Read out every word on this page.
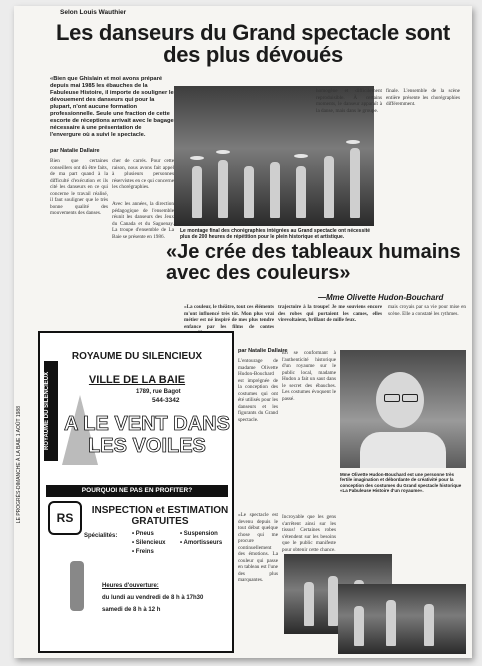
Selon Louis Wauthier
Les danseurs du Grand spectacle sont des plus dévoués
«Bien que Ghislain et moi avons préparé depuis mai 1985 les ébauches de la Fabuleuse Histoire, il importe de souligner le dévouement des danseurs qui pour la plupart, n'ont aucune formation professionnelle. Seule une fraction de cette escorte de réceptions arrivait avec le bagage nécessaire à une présentation de l'envergure où a suivi le spectacle.
par Natalie Dallaire
Bien que certaines conseillers ont dû être faits, de ma part quand à la difficulté d'exécution et ils cité les danseurs en ce qui concerne le travail réalisé, il faut souligner que le très bonne qualité des mouvements des danses.
cher de carrés. Pour cette raison, nous avons fait appel à plusieurs personnes réservistes en ce qui concerne les chorégraphies.
Avec les années, la direction pédagogique de l'ensemble réunit les danseurs des Jeux du Canada et du Saguenay. La troupe d'ensemble de La Baie se présente en 1986.
Le montage final des chorégraphies intégrées au Grand spectacle ont nécessité plus de 200 heures de répétition pour le plein historique et artistique.
homogène et difficilement reproduisible. À certains moments, le danseur apparaît à la danse, mais dans le groupe.
finale. L'ensemble de la scène entière présente les chorégraphies différemment.
«Je crée des tableaux humains avec des couleurs»
—Mme Olivette Hudon-Bouchard
«La couleur, le théâtre, tout ces éléments m'ont influencé très tôt. Mon plus vrai métier est né inspiré de mes plus tendre enfance par les films de contes
trajectoire à la troupe! Je me souviens encore des robes qui portaient les cames, elles virevoltaient, brillant de mille feux.
mais croyais par sa vie pour mise en scène. Elle a constaté les rythmes.
par Natalie Dallaire
L'entourage de madame Olivette Hudon-Bouchard est imprégnée de la conception des costumes qui ont été utilisés pour les danseurs et les figurants du Grand spectacle.
En se conformant à l'authenticité historique d'un royaume sur le public local, madame Hudon a fait un saut dans le secret des ébauches. Les costumes évoquent le passé.
«Le spectacle est devenu depuis le tout début quelque chose qui me procure continuellement des émotions. La couleur qui passe en tableau est l'une des plus marquantes.
Incroyable que les gens s'arrêtent ainsi sur les tissus! Certaines robes s'étendent sur les besoins que le public manifeste pour obtenir cette chance.
Mme Olivette Hudon-Bouchard est une personne très fertile imagination et débordante de créativité pour la conception des costumes du Grand spectacle historique «La Fabuleuse Histoire d'un royaume».
ROYAUME DU SILENCIEUX
ROYAUME DU SILENCIEUX
VILLE DE LA BAIE
1789, rue Bagot
544-3342
A LE VENT DANS LES VOILES
POURQUOI NE PAS EN PROFITER?
RS
INSPECTION et ESTIMATION GRATUITES
Spécialités: • Pneus
• Silencieux
• Freins
• Suspension
• Amortisseurs
Heures d'ouverture:
du lundi au vendredi de 8 h à 17h30
samedi de 8 h à 12 h
LE PROGRÈS-DIMANCHE À LA BAIE 1 AOÛT 1988
